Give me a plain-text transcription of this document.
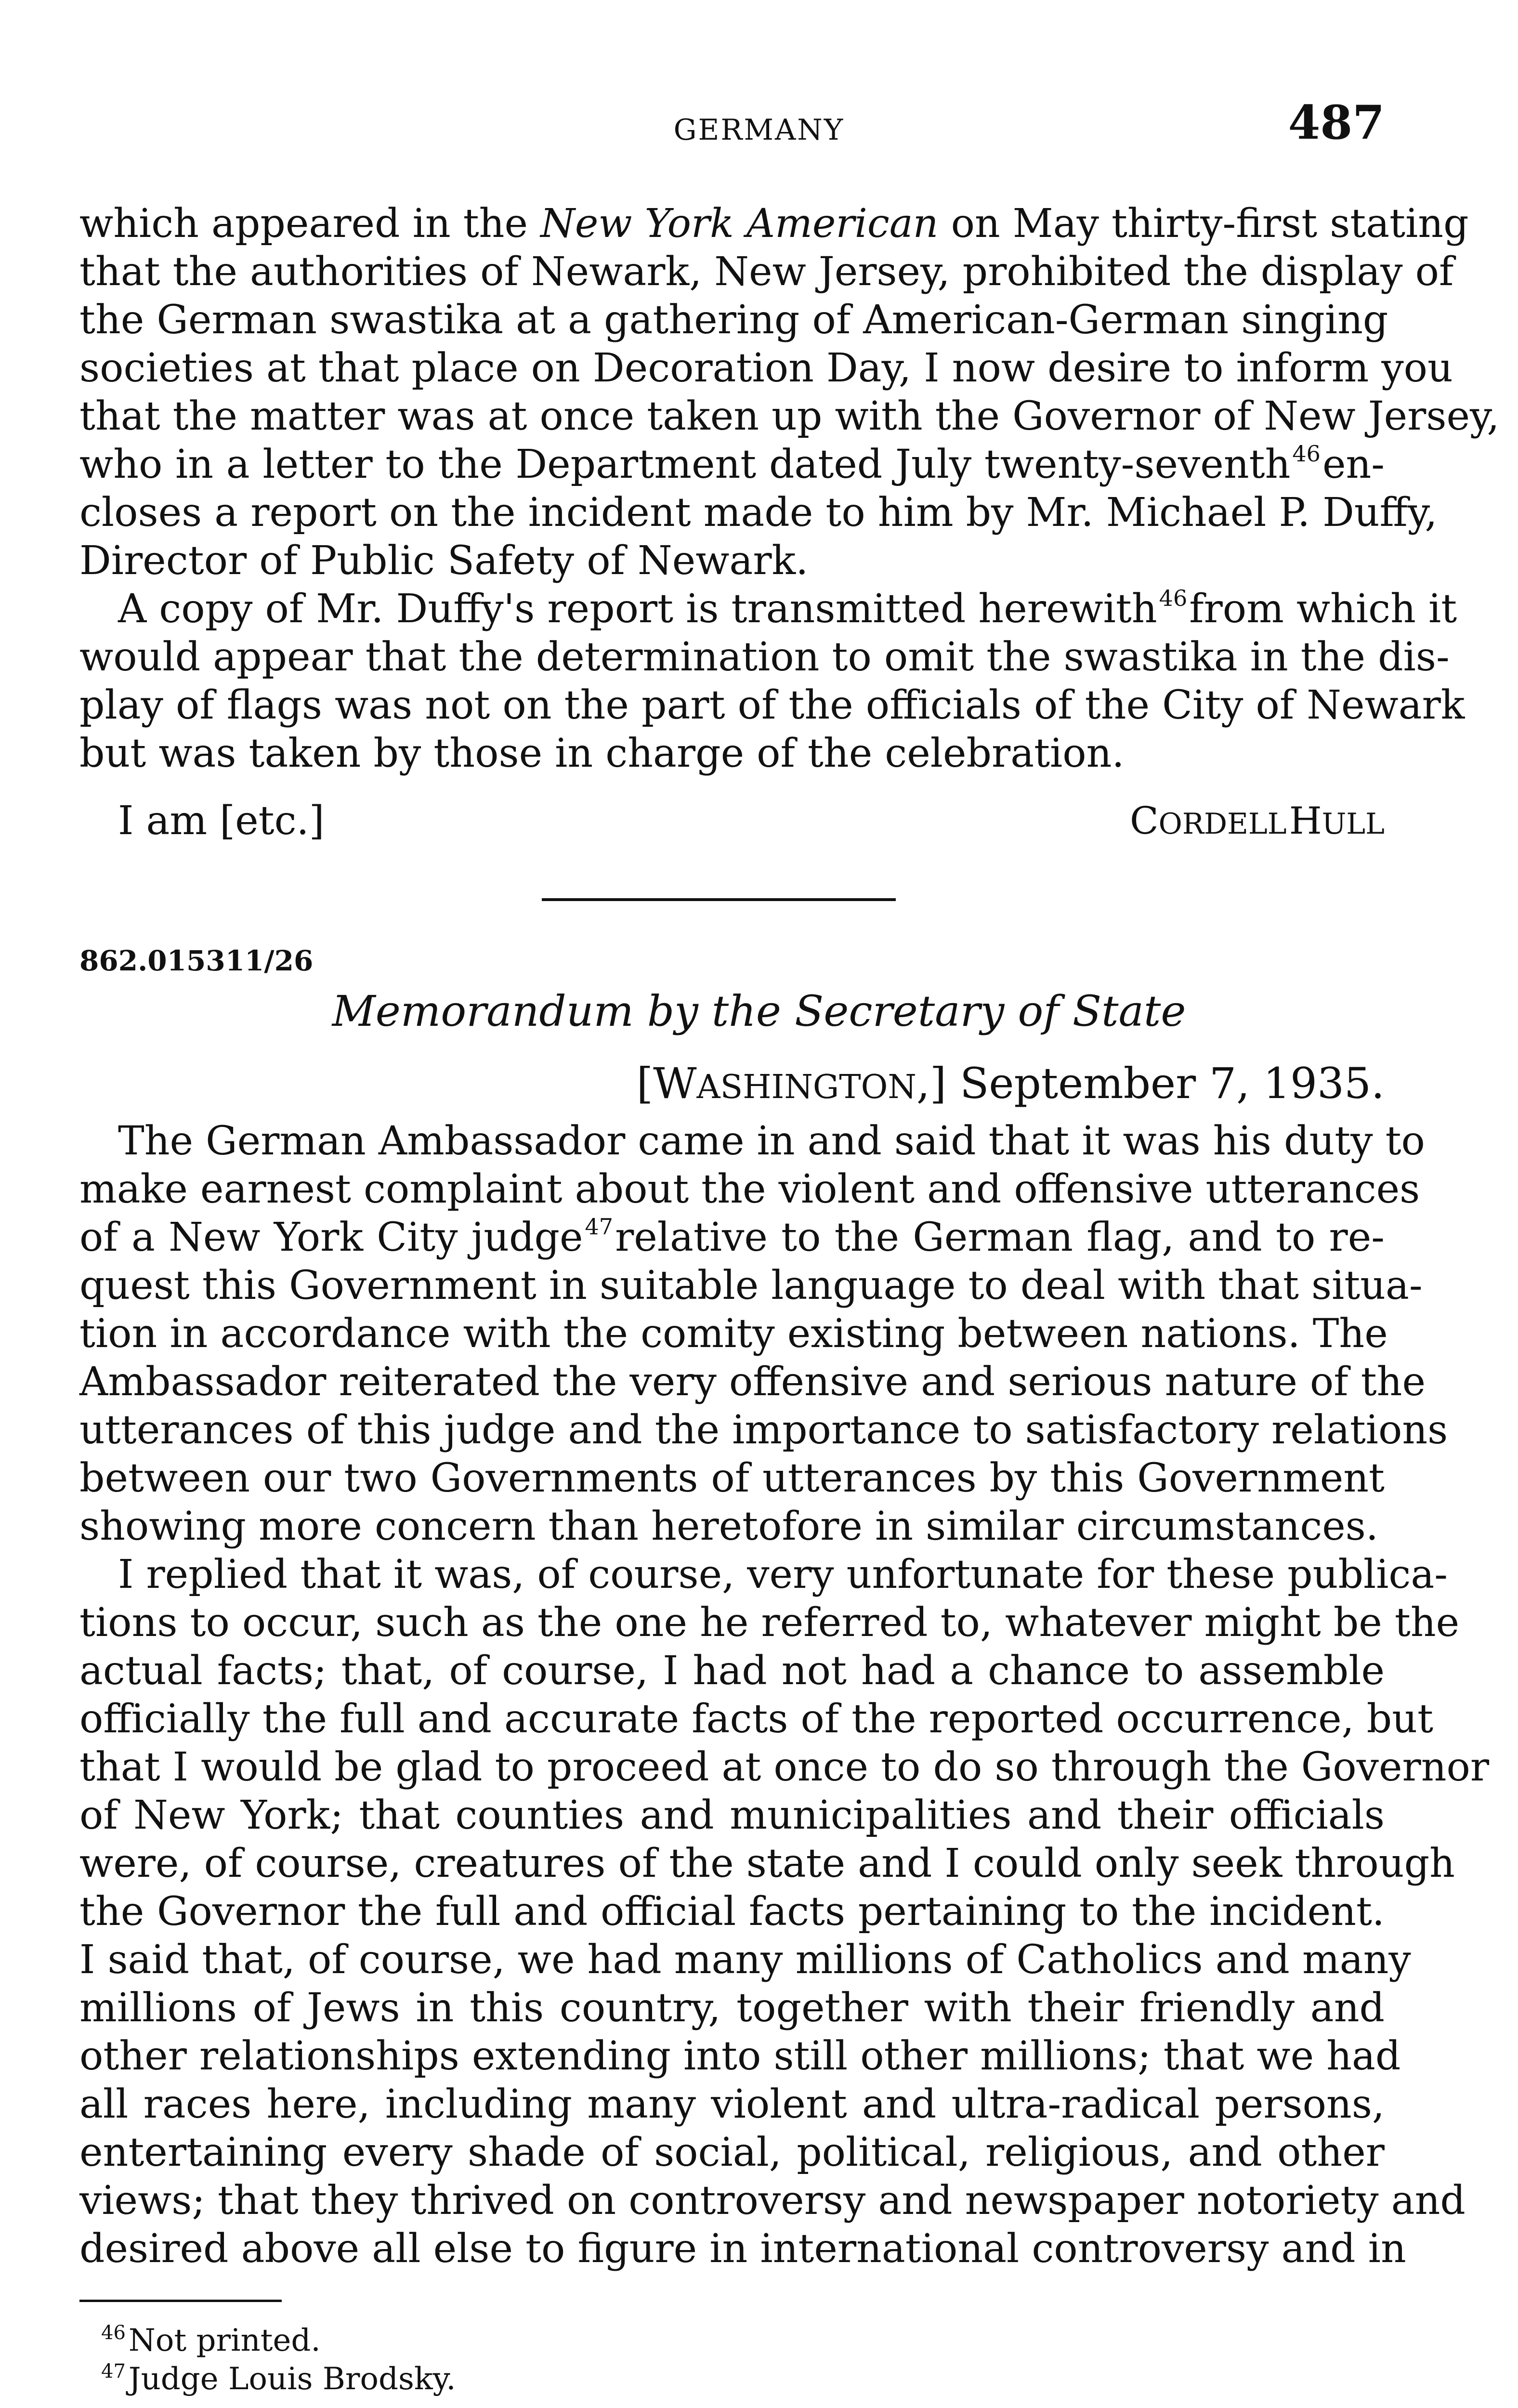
GERMANY	487
which appeared in the New York American on May thirty-first stating
that the authorities of Newark, New Jersey, prohibited the display of
the German swastika at a gathering of American-German singing
societies at that place on Decoration Day, I now desire to inform you
that the matter was at once taken up with the Governor of New Jersey,
who in a letter to the Department dated July twenty-seventh$^{46}$en-
closes a report on the incident made to him by Mr. Michael P. Duffy,
Director of Public Safety of Newark.
A copy of Mr. Duffy's report is transmitted herewith$^{46}$from which it
would appear that the determination to omit the swastika in the dis-
play of flags was not on the part of the officials of the City of Newark
but was taken by those in charge of the celebration.
I am [etc.]	CORDELL HULL
862.015311/26
Memorandum by the Secretary of State
[WASHINGTON,] September 7, 1935.
The German Ambassador came in and said that it was his duty to
make earnest complaint about the violent and offensive utterances
of a New York City judge$^{47}$relative to the German flag, and to re-
quest this Government in suitable language to deal with that situa-
tion in accordance with the comity existing between nations. The
Ambassador reiterated the very offensive and serious nature of the
utterances of this judge and the importance to satisfactory relations
between our two Governments of utterances by this Government
showing more concern than heretofore in similar circumstances.
I replied that it was, of course, very unfortunate for these publica-
tions to occur, such as the one he referred to, whatever might be the
actual facts; that, of course, I had not had a chance to assemble
officially the full and accurate facts of the reported occurrence, but
that I would be glad to proceed at once to do so through the Governor
of New York; that counties and municipalities and their officials
were, of course, creatures of the state and I could only seek through
the Governor the full and official facts pertaining to the incident.
I said that, of course, we had many millions of Catholics and many
millions of Jews in this country, together with their friendly and
other relationships extending into still other millions; that we had
all races here, including many violent and ultra-radical persons,
entertaining every shade of social, political, religious, and other
views; that they thrived on controversy and newspaper notoriety and
desired above all else to figure in international controversy and in
$^{46}$Not printed.
$^{47}$Judge Louis Brodsky.
